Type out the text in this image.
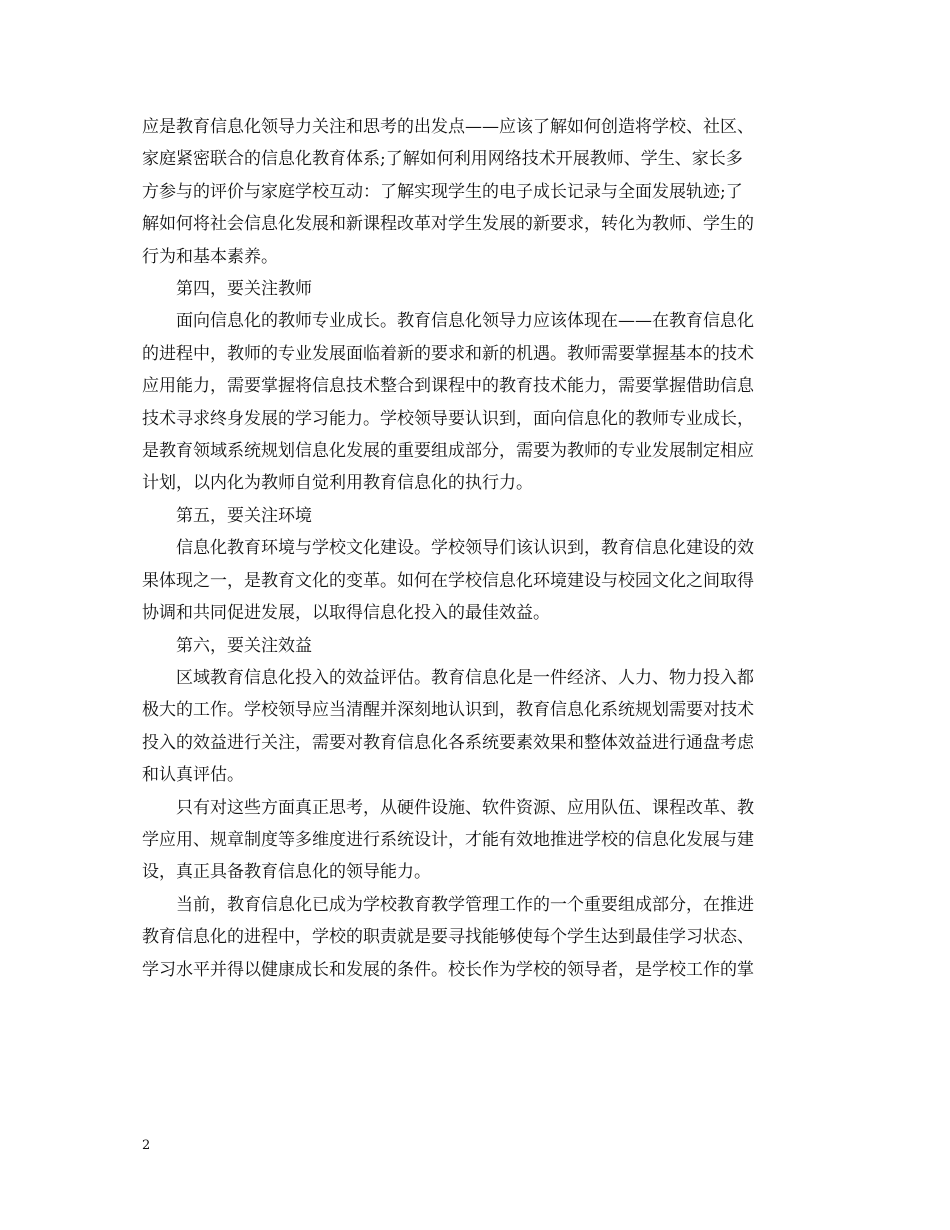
应是教育信息化领导力关注和思考的出发点——应该了解如何创造将学校、社区、
家庭紧密联合的信息化教育体系;了解如何利用网络技术开展教师、学生、家长多
方参与的评价与家庭学校互动：了解实现学生的电子成长记录与全面发展轨迹;了
解如何将社会信息化发展和新课程改革对学生发展的新要求，转化为教师、学生的
行为和基本素养。
第四，要关注教师
面向信息化的教师专业成长。教育信息化领导力应该体现在——在教育信息化
的进程中，教师的专业发展面临着新的要求和新的机遇。教师需要掌握基本的技术
应用能力，需要掌握将信息技术整合到课程中的教育技术能力，需要掌握借助信息
技术寻求终身发展的学习能力。学校领导要认识到，面向信息化的教师专业成长，
是教育领域系统规划信息化发展的重要组成部分，需要为教师的专业发展制定相应
计划，以内化为教师自觉利用教育信息化的执行力。
第五，要关注环境
信息化教育环境与学校文化建设。学校领导们该认识到，教育信息化建设的效
果体现之一，是教育文化的变革。如何在学校信息化环境建设与校园文化之间取得
协调和共同促进发展，以取得信息化投入的最佳效益。
第六，要关注效益
区域教育信息化投入的效益评估。教育信息化是一件经济、人力、物力投入都
极大的工作。学校领导应当清醒并深刻地认识到，教育信息化系统规划需要对技术
投入的效益进行关注，需要对教育信息化各系统要素效果和整体效益进行通盘考虑
和认真评估。
只有对这些方面真正思考，从硬件设施、软件资源、应用队伍、课程改革、教
学应用、规章制度等多维度进行系统设计，才能有效地推进学校的信息化发展与建
设，真正具备教育信息化的领导能力。
当前，教育信息化已成为学校教育教学管理工作的一个重要组成部分，在推进
教育信息化的进程中，学校的职责就是要寻找能够使每个学生达到最佳学习状态、
学习水平并得以健康成长和发展的条件。校长作为学校的领导者，是学校工作的掌
2
